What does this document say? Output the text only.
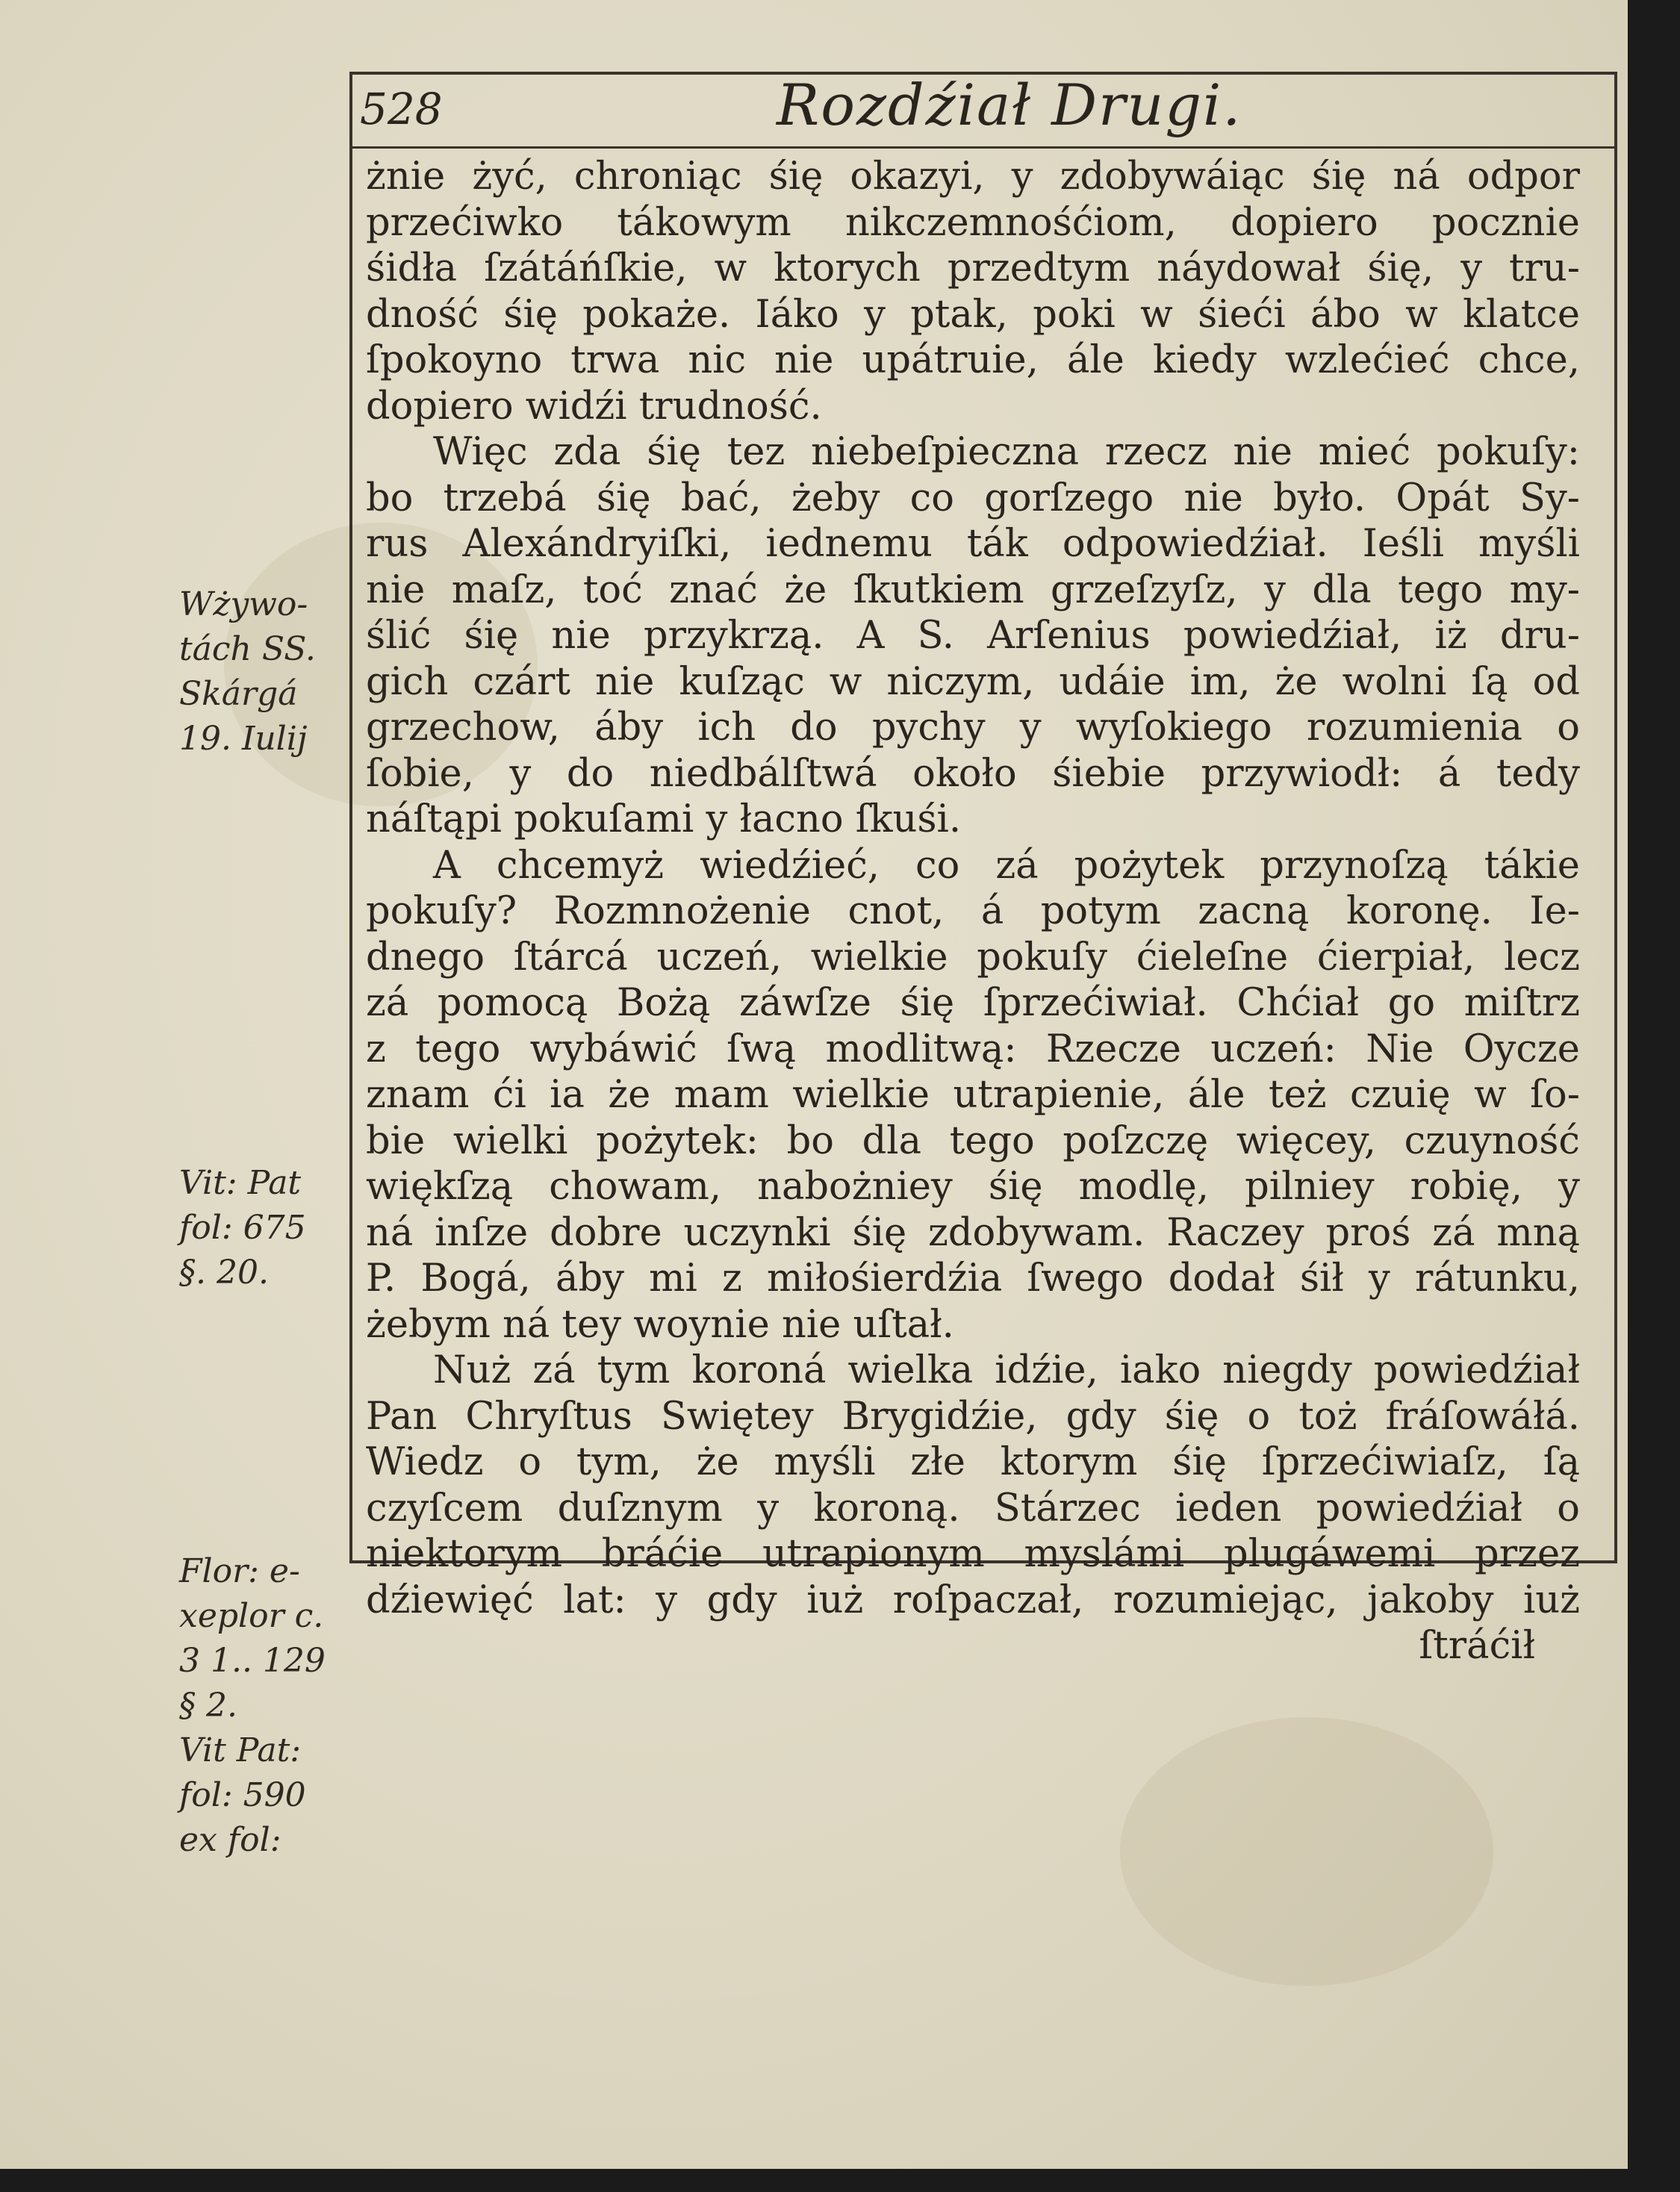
528	Rozdźiał Drugi.
żnie żyć, chroniąc śię okazyi, y zdobywáiąc śię ná odpor
przećiwko tákowym nikczemnośćiom, dopiero pocznie
śidła ſzátáńſkie, w ktorych przedtym náydował śię, y tru-
dność śię pokaże. Iáko y ptak, poki w śieći ábo w klatce
ſpokoyno trwa nic nie upátruie, ále kiedy wzlećieć chce,
dopiero widźi trudność.
Więc zda śię tez niebeſpieczna rzecz nie mieć pokuſy:
bo trzebá śię bać, żeby co gorſzego nie było. Opát Sy-
rus Alexándryiſki, iednemu ták odpowiedźiał. Ieśli myśli
nie maſz, toć znać że ſkutkiem grzeſzyſz, y dla tego my-
ślić śię nie przykrzą. A S. Arſenius powiedźiał, iż dru-
gich czárt nie kuſząc w niczym, udáie im, że wolni ſą od
grzechow, áby ich do pychy y wyſokiego rozumienia o
ſobie, y do niedbálſtwá około śiebie przywiodł: á tedy
náſtąpi pokuſami y łacno ſkuśi.
A chcemyż wiedźieć, co zá pożytek przynoſzą tákie
pokuſy? Rozmnożenie cnot, á potym zacną koronę. Ie-
dnego ſtárcá uczeń, wielkie pokuſy ćieleſne ćierpiał, lecz
zá pomocą Bożą záwſze śię ſprzećiwiał. Chćiał go miſtrz
z tego wybáwić ſwą modlitwą: Rzecze uczeń: Nie Oycze
znam ći ia że mam wielkie utrapienie, ále też czuię w ſo-
bie wielki pożytek: bo dla tego poſzczę więcey, czuyność
więkſzą chowam, nabożniey śię modlę, pilniey robię, y
ná inſze dobre uczynki śię zdobywam. Raczey proś zá mną
P. Bogá, áby mi z miłośierdźia ſwego dodał śił y rátunku,
żebym ná tey woynie nie uſtał.
Nuż zá tym koroná wielka idźie, iako niegdy powiedźiał
Pan Chryſtus Swiętey Brygidźie, gdy śię o toż fráſowáłá.
Wiedz o tym, że myśli złe ktorym śię ſprzećiwiaſz, ſą
czyſcem duſznym y koroną. Stárzec ieden powiedźiał o
niektorym bráćie utrapionym myslámi plugáwemi przez
dźiewięć lat: y gdy iuż roſpaczał, rozumiejąc, jakoby iuż
ſtráćił
Wżywo-
tách SS.
Skárgá
19. Iulij
Vit: Pat
fol: 675
§. 20.
Flor: e-
xeplor c.
3 1.. 129
§ 2.
Vit Pat:
fol: 590
ex fol:
